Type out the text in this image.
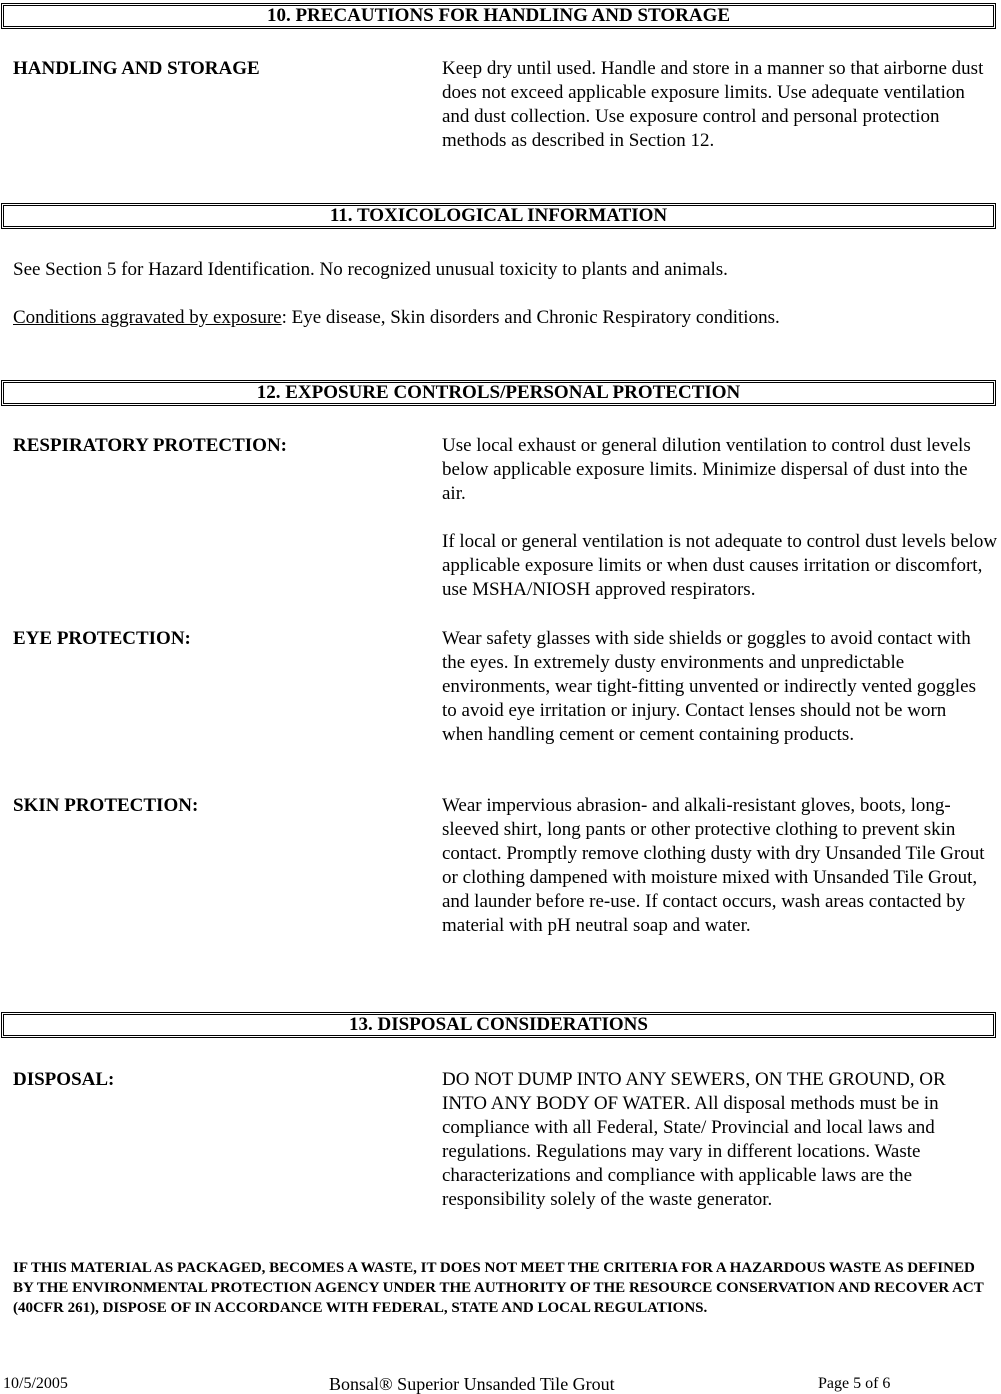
10. PRECAUTIONS FOR HANDLING AND STORAGE
HANDLING AND STORAGE	Keep dry until used. Handle and store in a manner so that airborne dust does not exceed applicable exposure limits. Use adequate ventilation and dust collection. Use exposure control and personal protection methods as described in Section 12.
11. TOXICOLOGICAL INFORMATION
See Section 5 for Hazard Identification. No recognized unusual toxicity to plants and animals.
Conditions aggravated by exposure: Eye disease, Skin disorders and Chronic Respiratory conditions.
12. EXPOSURE CONTROLS/PERSONAL PROTECTION
RESPIRATORY PROTECTION:	Use local exhaust or general dilution ventilation to control dust levels below applicable exposure limits. Minimize dispersal of dust into the air.
If local or general ventilation is not adequate to control dust levels below applicable exposure limits or when dust causes irritation or discomfort, use MSHA/NIOSH approved respirators.
EYE PROTECTION:	Wear safety glasses with side shields or goggles to avoid contact with the eyes. In extremely dusty environments and unpredictable environments, wear tight-fitting unvented or indirectly vented goggles to avoid eye irritation or injury. Contact lenses should not be worn when handling cement or cement containing products.
SKIN PROTECTION:	Wear impervious abrasion- and alkali-resistant gloves, boots, long-sleeved shirt, long pants or other protective clothing to prevent skin contact. Promptly remove clothing dusty with dry Unsanded Tile Grout or clothing dampened with moisture mixed with Unsanded Tile Grout, and launder before re-use. If contact occurs, wash areas contacted by material with pH neutral soap and water.
13. DISPOSAL CONSIDERATIONS
DISPOSAL:	DO NOT DUMP INTO ANY SEWERS, ON THE GROUND, OR INTO ANY BODY OF WATER. All disposal methods must be in compliance with all Federal, State/ Provincial and local laws and regulations. Regulations may vary in different locations. Waste characterizations and compliance with applicable laws are the responsibility solely of the waste generator.
IF THIS MATERIAL AS PACKAGED, BECOMES A WASTE, IT DOES NOT MEET THE CRITERIA FOR A HAZARDOUS WASTE AS DEFINED BY THE ENVIRONMENTAL PROTECTION AGENCY UNDER THE AUTHORITY OF THE RESOURCE CONSERVATION AND RECOVER ACT (40CFR 261), DISPOSE OF IN ACCORDANCE WITH FEDERAL, STATE AND LOCAL REGULATIONS.
10/5/2005	Bonsal® Superior Unsanded Tile Grout	Page 5 of 6
